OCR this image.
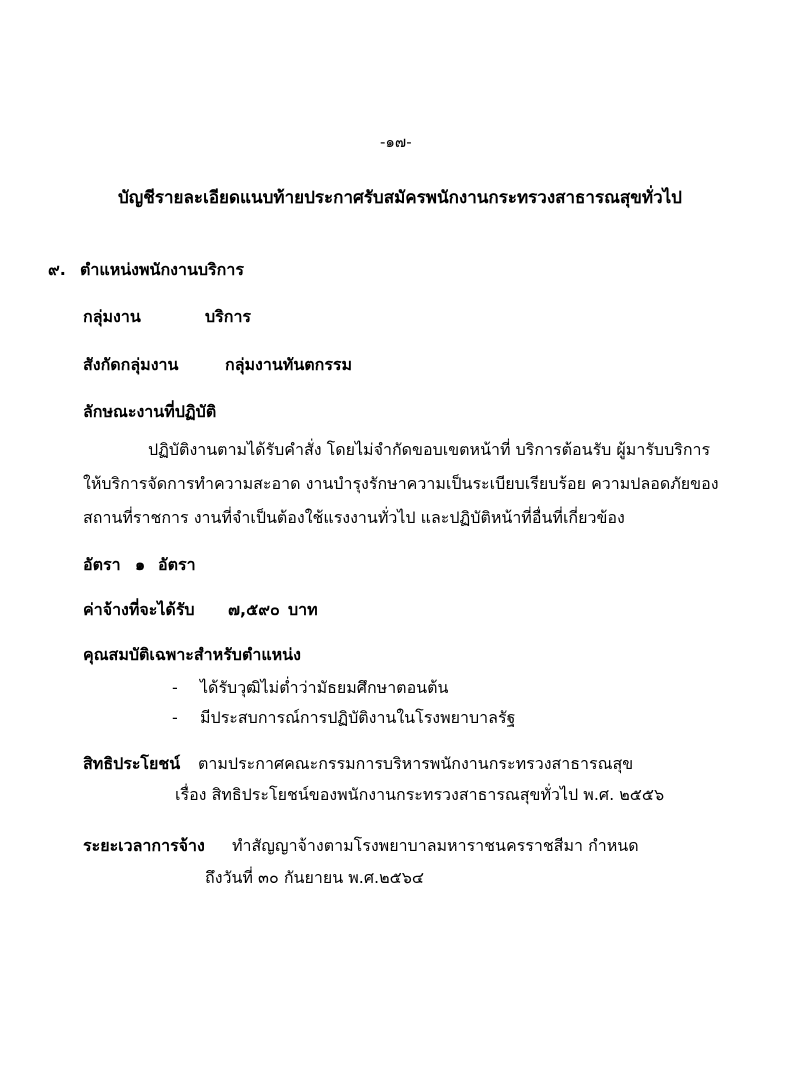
-๑๗-
บัญชีรายละเอียดแนบท้ายประกาศรับสมัครพนักงานกระทรวงสาธารณสุขทั่วไป
๙. ตำแหน่งพนักงานบริการ
กลุ่มงาน	บริการ
สังกัดกลุ่มงาน	กลุ่มงานทันตกรรม
ลักษณะงานที่ปฏิบัติ
ปฏิบัติงานตามได้รับคำสั่ง โดยไม่จำกัดขอบเขตหน้าที่ บริการต้อนรับ ผู้มารับบริการ
ให้บริการจัดการทำความสะอาด งานบำรุงรักษาความเป็นระเบียบเรียบร้อย ความปลอดภัยของ
สถานที่ราชการ งานที่จำเป็นต้องใช้แรงงานทั่วไป และปฏิบัติหน้าที่อื่นที่เกี่ยวข้อง
อัตรา ๑ อัตรา
ค่าจ้างที่จะได้รับ ๗,๕๙๐ บาท
คุณสมบัติเฉพาะสำหรับตำแหน่ง
- ได้รับวุฒิไม่ต่ำว่ามัธยมศึกษาตอนต้น
- มีประสบการณ์การปฏิบัติงานในโรงพยาบาลรัฐ
สิทธิประโยชน์ ตามประกาศคณะกรรมการบริหารพนักงานกระทรวงสาธารณสุข
เรื่อง สิทธิประโยชน์ของพนักงานกระทรวงสาธารณสุขทั่วไป พ.ศ. ๒๕๕๖
ระยะเวลาการจ้าง ทำสัญญาจ้างตามโรงพยาบาลมหาราชนครราชสีมา กำหนด
ถึงวันที่ ๓๐ กันยายน พ.ศ.๒๕๖๔
